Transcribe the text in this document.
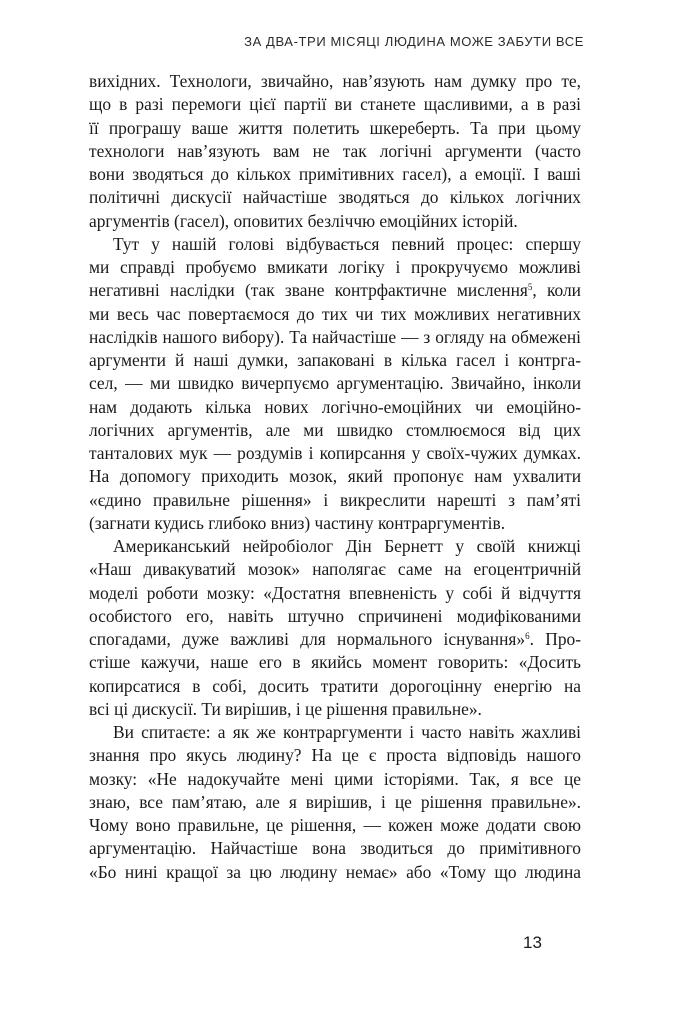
ЗА ДВА-ТРИ МІСЯЦІ ЛЮДИНА МОЖЕ ЗАБУТИ ВСЕ
вихідних. Технологи, звичайно, нав’язують нам думку про те,
що в разі перемоги цієї партії ви станете щасливими, а в разі
її програшу ваше життя полетить шкереберть. Та при цьому
технологи нав’язують вам не так логічні аргументи (часто
вони зводяться до кількох примітивних гасел), а емоції. І ваші
політичні дискусії найчастіше зводяться до кількох логічних
аргументів (гасел), оповитих безліччю емоційних історій.
Тут у нашій голові відбувається певний процес: спершу
ми справді пробуємо вмикати логіку і прокручуємо можливі
негативні наслідки (так зване контрфактичне мислення$^5$, коли
ми весь час повертаємося до тих чи тих можливих негативних
наслідків нашого вибору). Та найчастіше — з огляду на обмежені
аргументи й наші думки, запаковані в кілька гасел і контрга-
сел, — ми швидко вичерпуємо аргументацію. Звичайно, інколи
нам додають кілька нових логічно-емоційних чи емоційно-
логічних аргументів, але ми швидко стомлюємося від цих
танталових мук — роздумів і копирсання у своїх-чужих думках.
На допомогу приходить мозок, який пропонує нам ухвалити
«єдино правильне рішення» і викреслити нарешті з пам’яті
(загнати кудись глибоко вниз) частину контраргументів.
Американський нейробіолог Дін Бернетт у своїй книжці
«Наш дивакуватий мозок» наполягає саме на егоцентричній
моделі роботи мозку: «Достатня впевненість у собі й відчуття
особистого его, навіть штучно спричинені модифікованими
спогадами, дуже важливі для нормального існування»$^6$. Про-
стіше кажучи, наше его в якийсь момент говорить: «Досить
копирсатися в собі, досить тратити дорогоцінну енергію на
всі ці дискусії. Ти вирішив, і це рішення правильне».
Ви спитаєте: а як же контраргументи і часто навіть жахливі
знання про якусь людину? На це є проста відповідь нашого
мозку: «Не надокучайте мені цими історіями. Так, я все це
знаю, все пам’ятаю, але я вирішив, і це рішення правильне».
Чому воно правильне, це рішення, — кожен може додати свою
аргументацію. Найчастіше вона зводиться до примітивного
«Бо нині кращої за цю людину немає» або «Тому що людина
13
